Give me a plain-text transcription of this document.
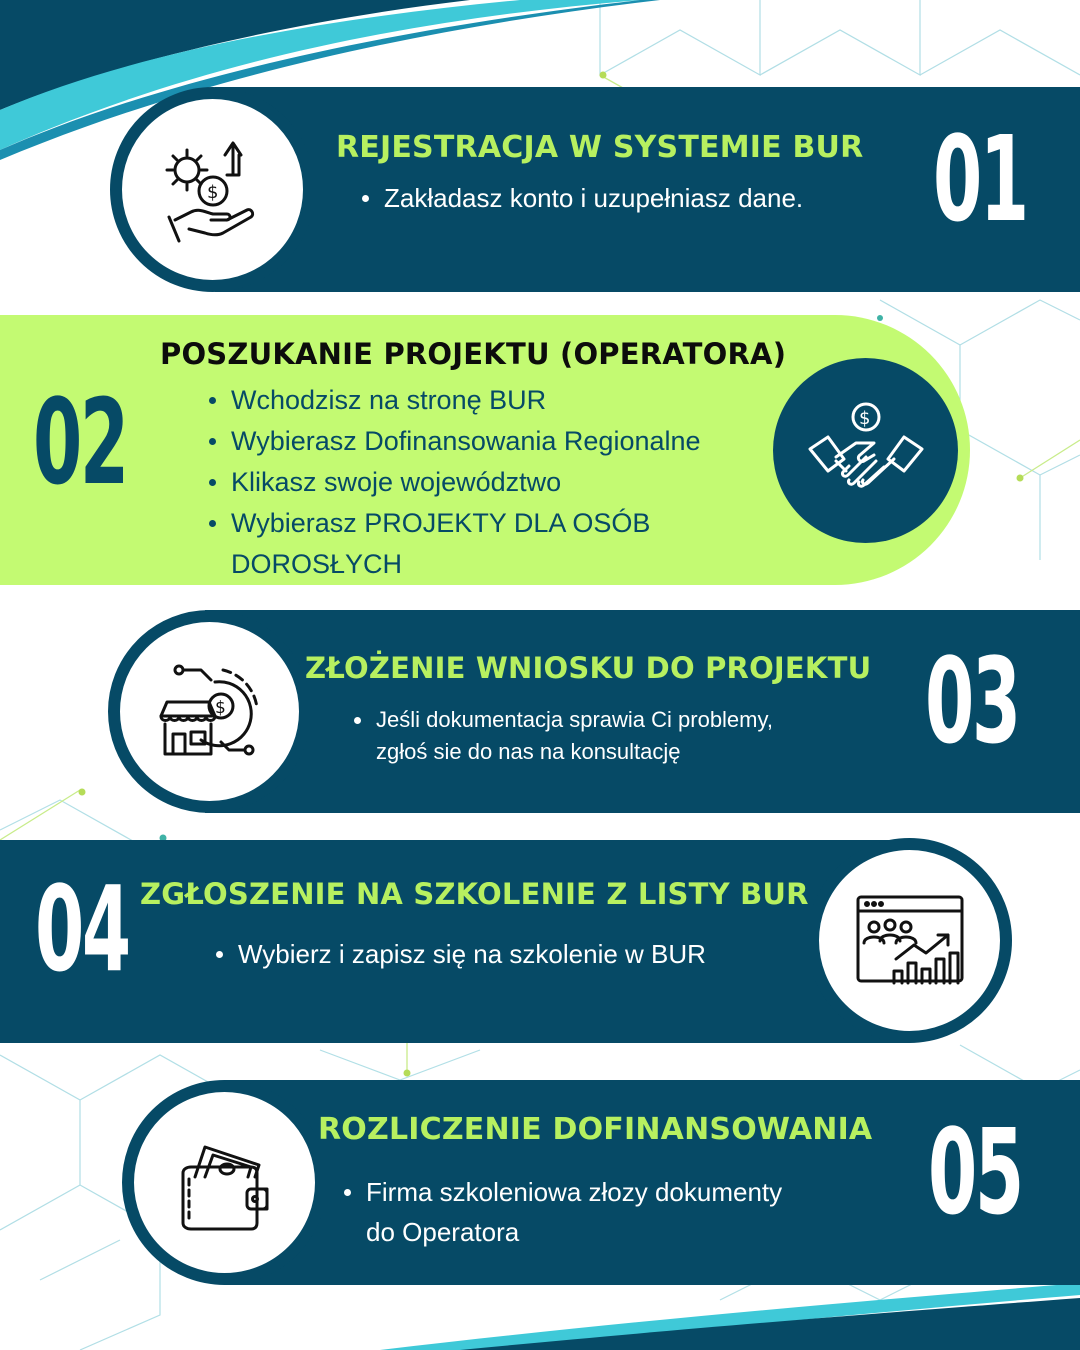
$
REJESTRACJA W SYSTEMIE BUR
Zakładasz konto i uzupełniasz dane. 01
02
POSZUKANIE PROJEKTU (OPERATORA)
Wchodzisz na stronę BUR
Wybierasz Dofinansowania Regionalne
Klikasz swoje województwo
Wybierasz PROJEKTY DLA OSÓB
DOROSŁYCH
$
$
ZŁOŻENIE WNIOSKU DO PROJEKTU
Jeśli dokumentacja sprawia Ci problemy,
zgłoś sie do nas na konsultację	03
04 ZGŁOSZENIE NA SZKOLENIE Z LISTY BUR
Wybierz i zapisz się na szkolenie w BUR
ROZLICZENIE DOFINANSOWANIA
Firma szkoleniowa złozy dokumenty
do Operatora	05
